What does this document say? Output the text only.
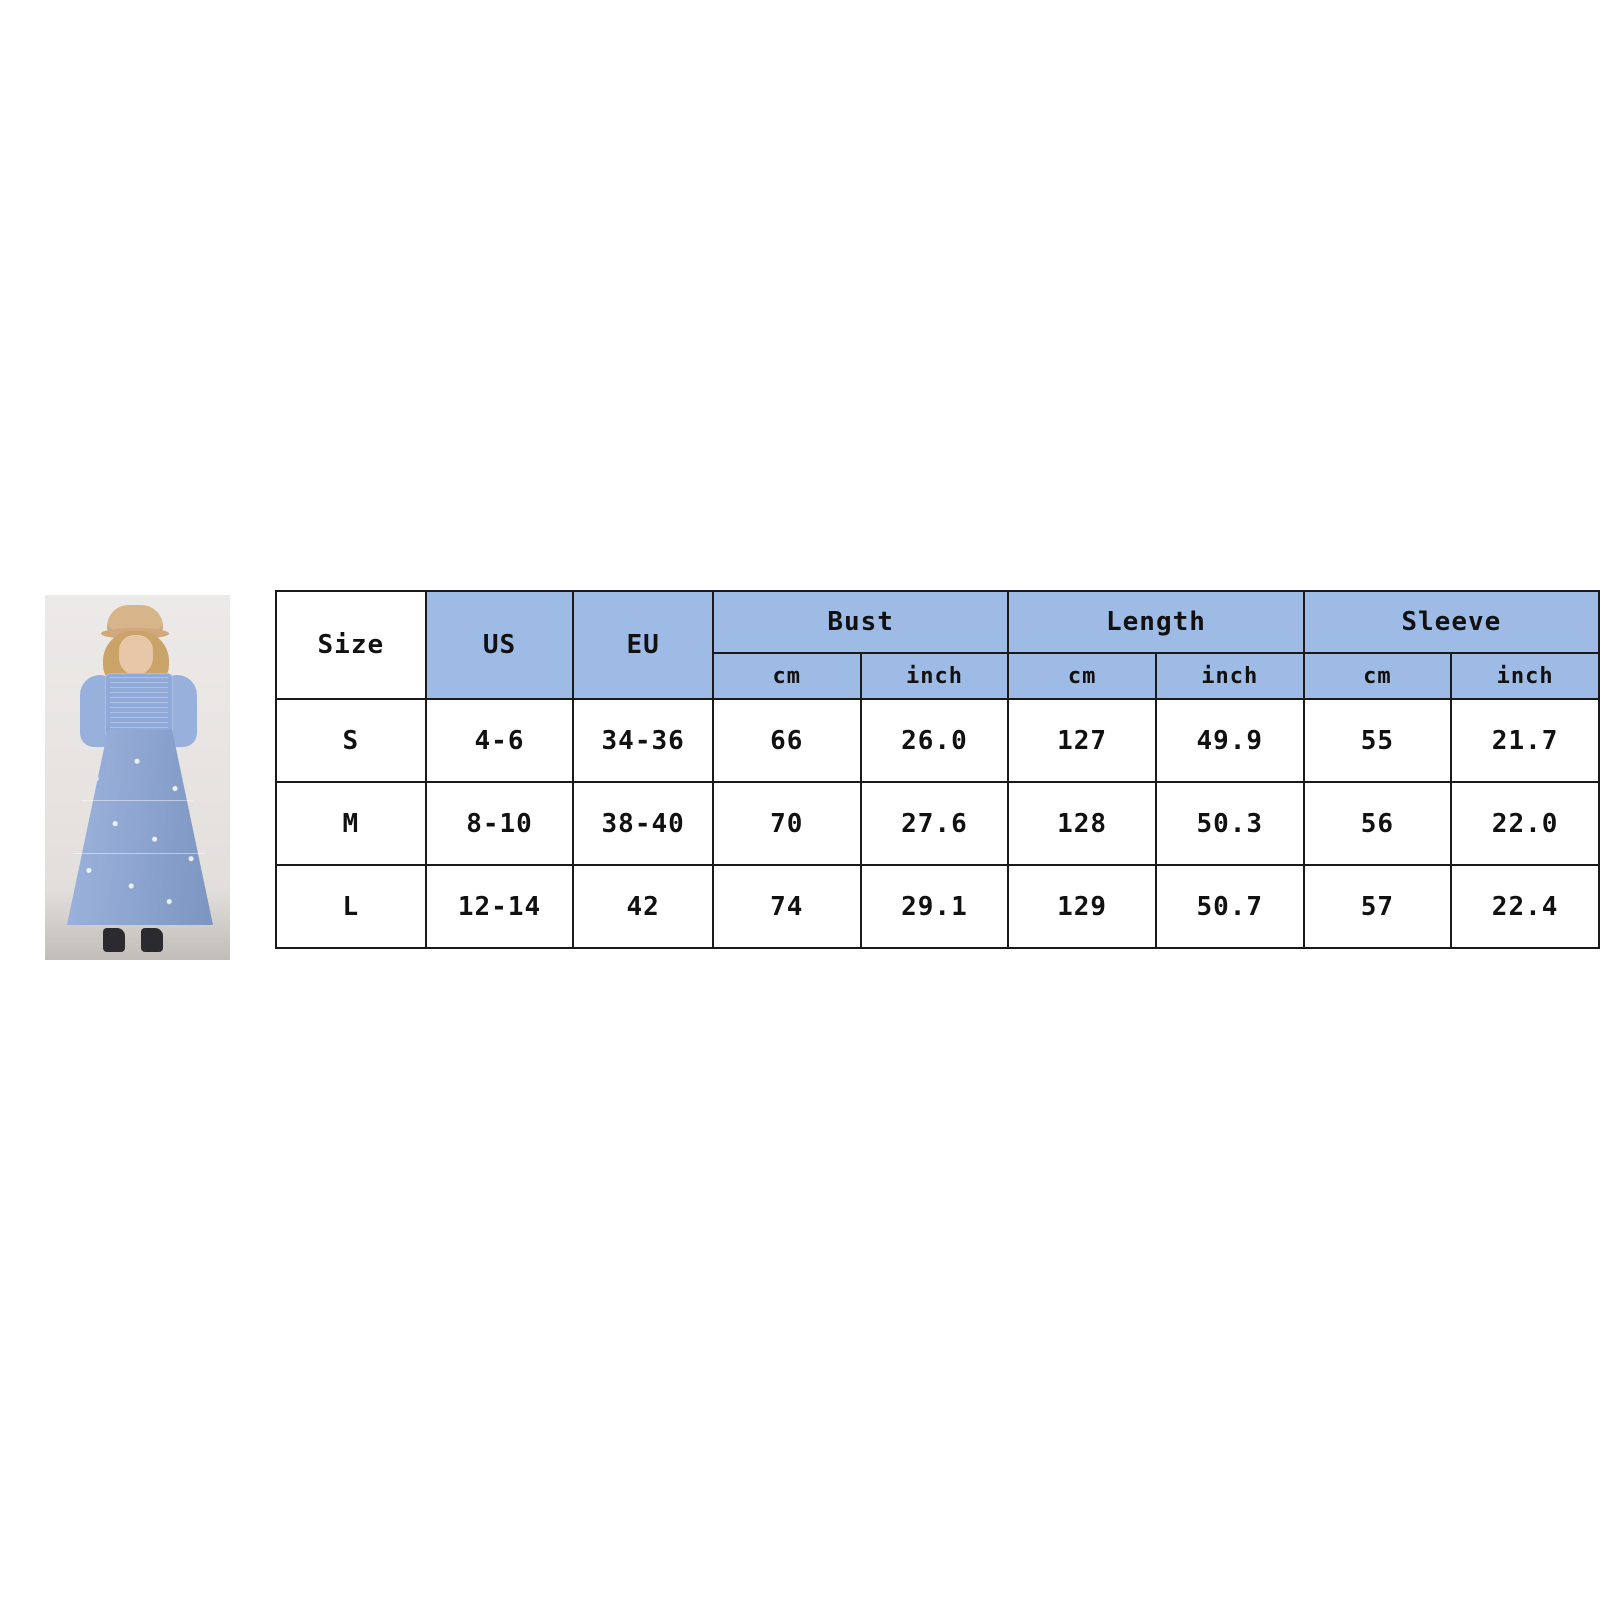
Size	US	EU	Bust		Length		Sleeve	
			cm	inch	cm	inch	cm	inch
S	4-6	34-36	66	26.0	127	49.9	55	21.7
M	8-10	38-40	70	27.6	128	50.3	56	22.0
L	12-14	42	74	29.1	129	50.7	57	22.4
